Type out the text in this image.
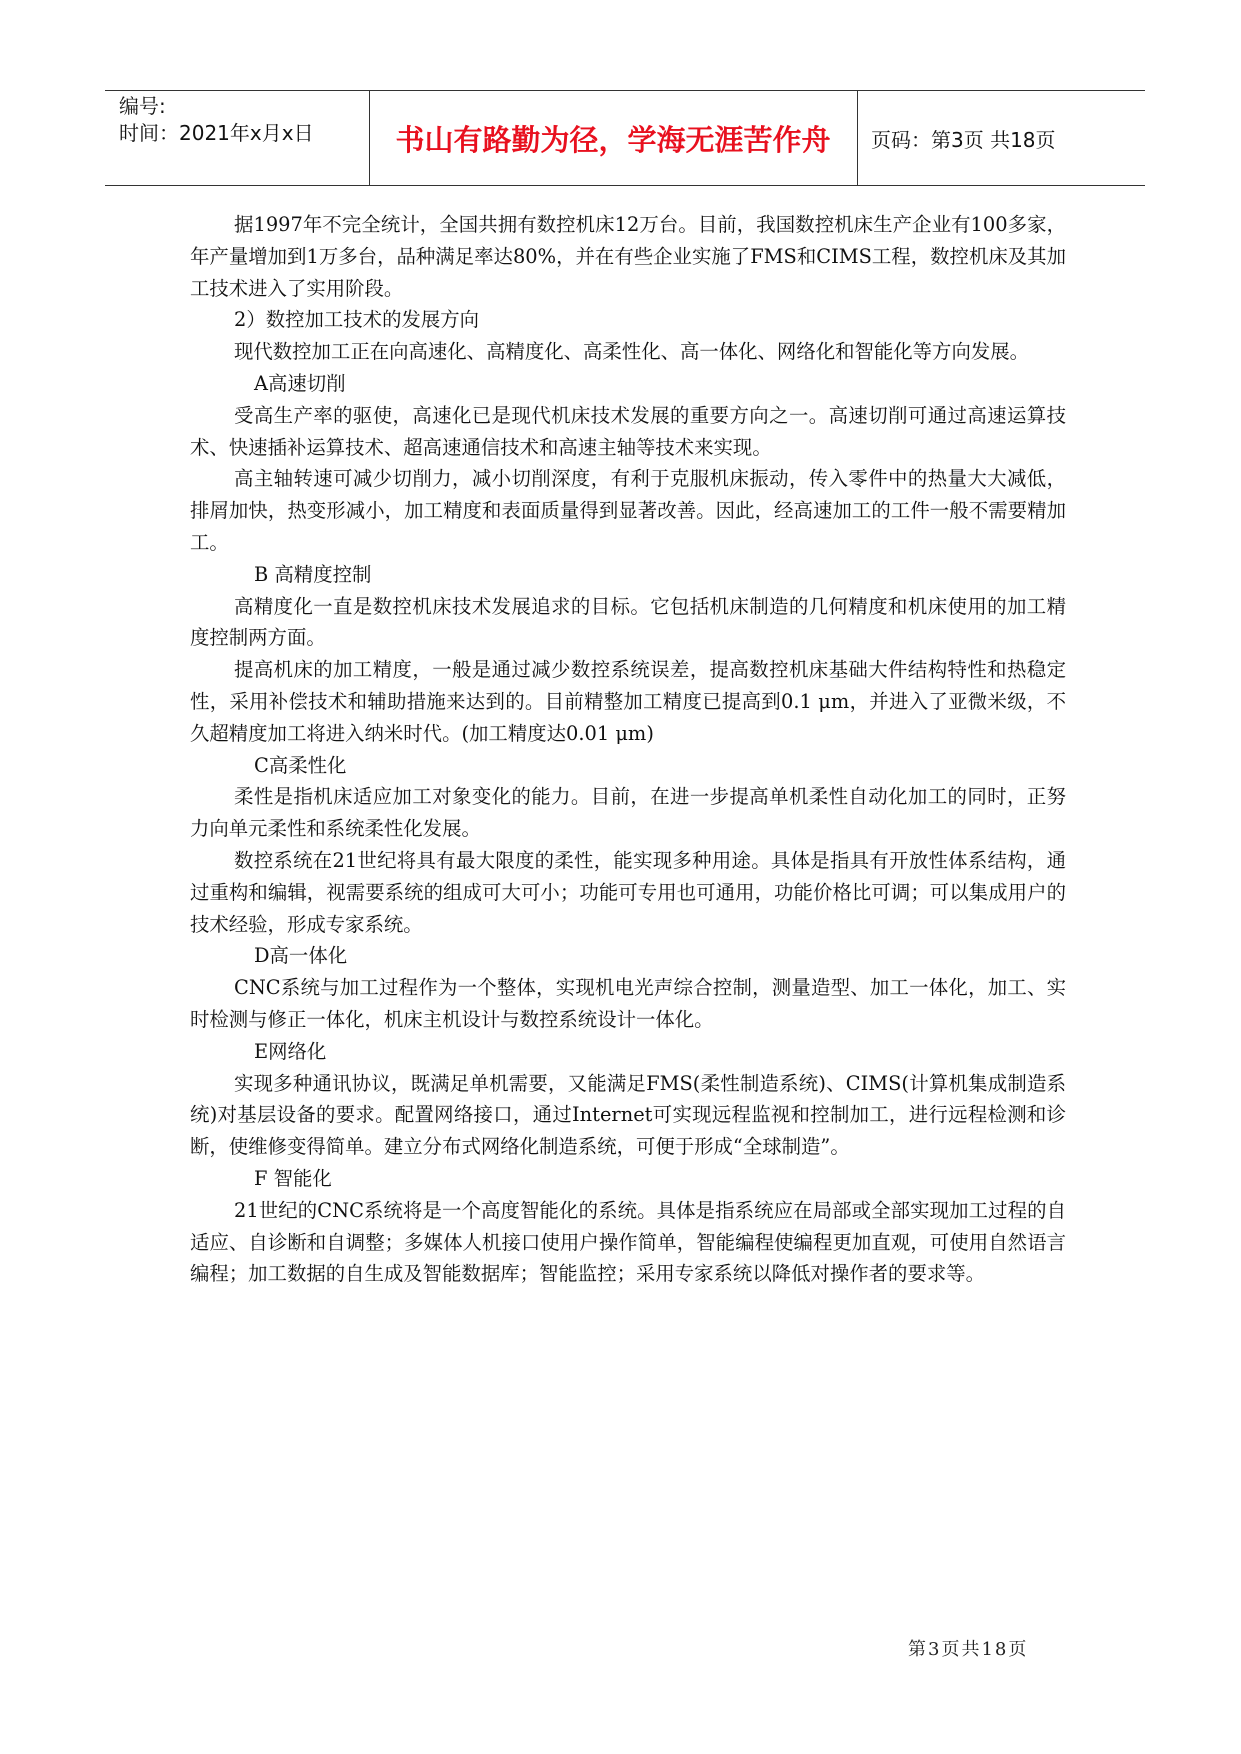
编号:
时间：2021年x月x日	书山有路勤为径，学海无涯苦作舟	页码：第3页 共18页

据1997年不完全统计，全国共拥有数控机床12万台。目前，我国数控机床生产企业有100多家，年产量增加到1万多台，品种满足率达80%，并在有些企业实施了FMS和CIMS工程，数控机床及其加工技术进入了实用阶段。

2）数控加工技术的发展方向

现代数控加工正在向高速化、高精度化、高柔性化、高一体化、网络化和智能化等方向发展。

A高速切削

受高生产率的驱使，高速化已是现代机床技术发展的重要方向之一。高速切削可通过高速运算技术、快速插补运算技术、超高速通信技术和高速主轴等技术来实现。

高主轴转速可减少切削力，减小切削深度，有利于克服机床振动，传入零件中的热量大大减低，排屑加快，热变形减小，加工精度和表面质量得到显著改善。因此，经高速加工的工件一般不需要精加工。

B 高精度控制

高精度化一直是数控机床技术发展追求的目标。它包括机床制造的几何精度和机床使用的加工精度控制两方面。

提高机床的加工精度，一般是通过减少数控系统误差，提高数控机床基础大件结构特性和热稳定性，采用补偿技术和辅助措施来达到的。目前精整加工精度已提高到0.1 μm，并进入了亚微米级，不久超精度加工将进入纳米时代。(加工精度达0.01 μm)

C高柔性化

柔性是指机床适应加工对象变化的能力。目前，在进一步提高单机柔性自动化加工的同时，正努力向单元柔性和系统柔性化发展。

数控系统在21世纪将具有最大限度的柔性，能实现多种用途。具体是指具有开放性体系结构，通过重构和编辑，视需要系统的组成可大可小；功能可专用也可通用，功能价格比可调；可以集成用户的技术经验，形成专家系统。

D高一体化

CNC系统与加工过程作为一个整体，实现机电光声综合控制，测量造型、加工一体化，加工、实时检测与修正一体化，机床主机设计与数控系统设计一体化。

E网络化

实现多种通讯协议，既满足单机需要，又能满足FMS(柔性制造系统)、CIMS(计算机集成制造系统)对基层设备的要求。配置网络接口，通过Internet可实现远程监视和控制加工，进行远程检测和诊断，使维修变得简单。建立分布式网络化制造系统，可便于形成“全球制造”。

F 智能化

21世纪的CNC系统将是一个高度智能化的系统。具体是指系统应在局部或全部实现加工过程的自适应、自诊断和自调整；多媒体人机接口使用户操作简单，智能编程使编程更加直观，可使用自然语言编程；加工数据的自生成及智能数据库；智能监控；采用专家系统以降低对操作者的要求等。

第3页共18页
